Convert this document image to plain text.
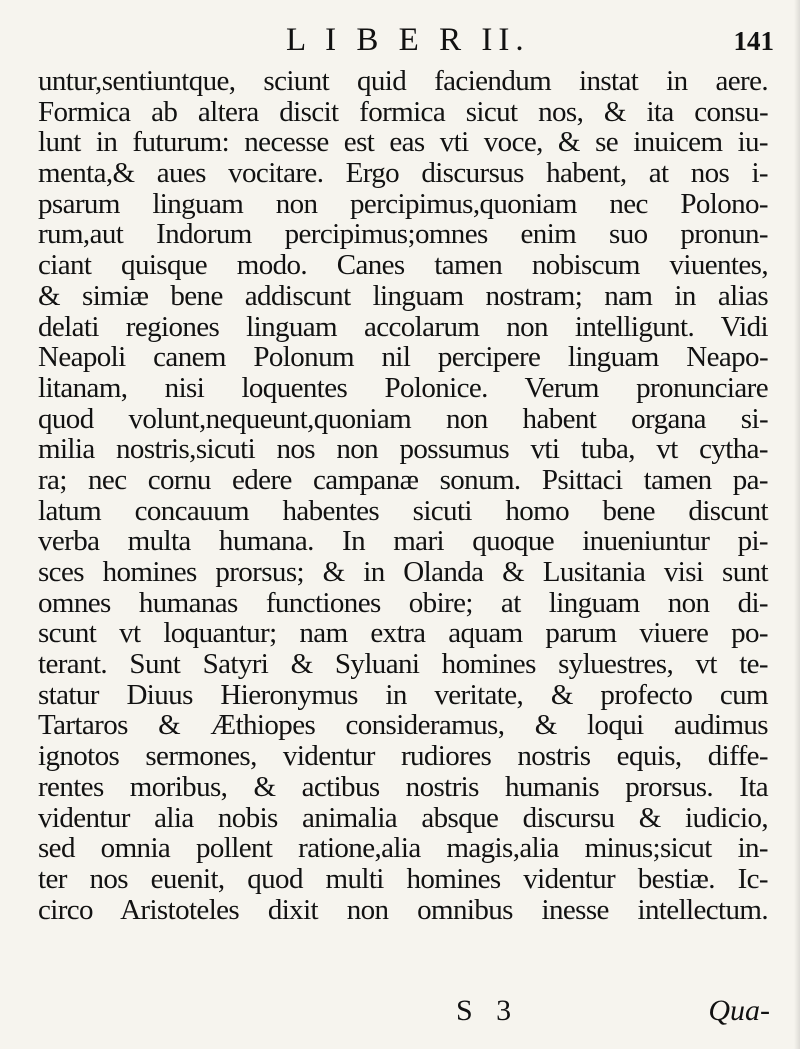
L I B E R II.	141
untur,sentiuntque, sciunt quid faciendum instat in aere.
Formica ab altera discit formica sicut nos, & ita consu-
lunt in futurum: necesse est eas vti voce, & se inuicem iu-
menta,& aues vocitare. Ergo discursus habent, at nos i-
psarum linguam non percipimus,quoniam nec Polono-
rum,aut Indorum percipimus;omnes enim suo pronun-
ciant quisque modo. Canes tamen nobiscum viuentes,
& simiæ bene addiscunt linguam nostram; nam in alias
delati regiones linguam accolarum non intelligunt. Vidi
Neapoli canem Polonum nil percipere linguam Neapo-
litanam, nisi loquentes Polonice. Verum pronunciare
quod volunt,nequeunt,quoniam non habent organa si-
milia nostris,sicuti nos non possumus vti tuba, vt cytha-
ra; nec cornu edere campanæ sonum. Psittaci tamen pa-
latum concauum habentes sicuti homo bene discunt
verba multa humana. In mari quoque inueniuntur pi-
sces homines prorsus; & in Olanda & Lusitania visi sunt
omnes humanas functiones obire; at linguam non di-
scunt vt loquantur; nam extra aquam parum viuere po-
terant. Sunt Satyri & Syluani homines syluestres, vt te-
statur Diuus Hieronymus in veritate, & profecto cum
Tartaros & Æthiopes consideramus, & loqui audimus
ignotos sermones, videntur rudiores nostris equis, diffe-
rentes moribus, & actibus nostris humanis prorsus. Ita
videntur alia nobis animalia absque discursu & iudicio,
sed omnia pollent ratione,alia magis,alia minus;sicut in-
ter nos euenit, quod multi homines videntur bestiæ. Ic-
circo Aristoteles dixit non omnibus inesse intellectum.
S 3	Qua-
